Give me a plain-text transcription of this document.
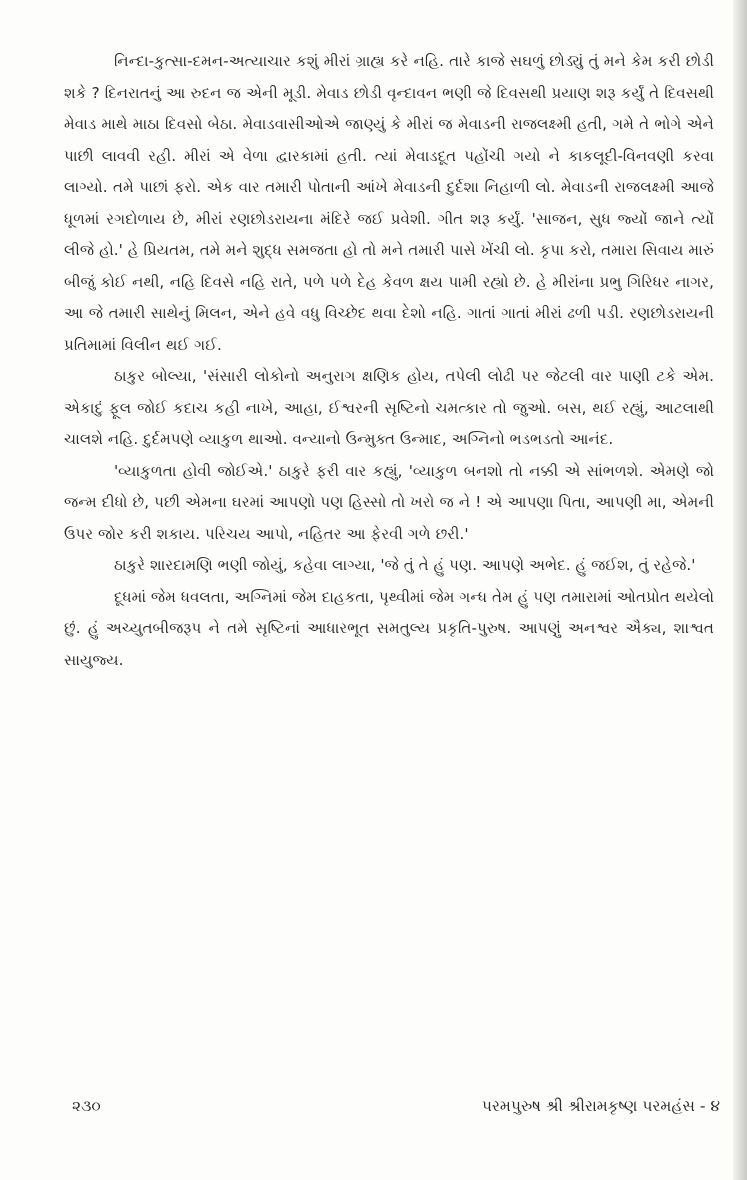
નિન્દા-કુત્સા-દમન-અત્યાચાર કશું મીરાં ગ્રાહ્ય કરે નહિ. તારે કાજે સઘળું છોડ્યું તું મને કેમ કરી છોડી શકે ? દિનરાતનું આ રુદન જ એની મૂડી. મેવાડ છોડી વૃન્દાવન ભણી જે દિવસથી પ્રયાણ શરૂ કર્યું તે દિવસથી મેવાડ માથે માઠા દિવસો બેઠા. મેવાડવાસીઓએ જાણ્યું કે મીરાં જ મેવાડની રાજલક્ષ્મી હતી, ગમે તે ભોગે એને પાછી લાવવી રહી. મીરાં એ વેળા દ્વારકામાં હતી. ત્યાં મેવાડદૂત પહોંચી ગયો ને કાકલૂદી-વિનવણી કરવા લાગ્યો. તમે પાછાં ફરો. એક વાર તમારી પોતાની આંખે મેવાડની દુર્દશા નિહાળી લો. મેવાડની રાજલક્ષ્મી આજે ધૂળમાં રગદોળાય છે, મીરાં રણછોડરાયના મંદિરે જઈ પ્રવેશી. ગીત શરૂ કર્યું. 'સાજન, સુધ જ્યોં જાને ત્યોં લીજે હો.' હે પ્રિયતમ, તમે મને શુદ્ધ સમજતા હો તો મને તમારી પાસે ખેંચી લો. કૃપા કરો, તમારા સિવાય મારું બીજું કોઈ નથી, નહિ દિવસે નહિ રાતે, પળે પળે દેહ કેવળ ક્ષય પામી રહ્યો છે. હે મીરાંના પ્રભુ ગિરિધર નાગર, આ જે તમારી સાથેનું મિલન, એને હવે વધુ વિચ્છેદ થવા દેશો નહિ. ગાતાં ગાતાં મીરાં ઢળી પડી. રણછોડરાયની પ્રતિમામાં વિલીન થઈ ગઈ.

ઠાકુર બોલ્યા, 'સંસારી લોકોનો અનુરાગ ક્ષણિક હોય, તપેલી લોઢી પર જેટલી વાર પાણી ટકે એમ. એકાદું ફૂલ જોઈ કદાચ કહી નાખે, આહા, ઈશ્વરની સૃષ્ટિનો ચમત્કાર તો જુઓ. બસ, થઈ રહ્યું, આટલાથી ચાલશે નહિ. દુર્દમપણે વ્યાકુળ થાઓ. વન્યાનો ઉન્મુક્ત ઉન્માદ, અગ્નિનો ભડભડતો આનંદ.

'વ્યાકુળતા હોવી જોઈએ.' ઠાકુરે ફરી વાર કહ્યું, 'વ્યાકુળ બનશો તો નક્કી એ સાંભળશે. એમણે જો જન્મ દીધો છે, પછી એમના ઘરમાં આપણો પણ હિસ્સો તો ખરો જ ને ! એ આપણા પિતા, આપણી મા, એમની ઉપર જોર કરી શકાય. પરિચય આપો, નહિતર આ ફેરવી ગળે છરી.'

ઠાકુરે શારદામણિ ભણી જોયું, કહેવા લાગ્યા, 'જે તું તે હું પણ. આપણે અભેદ. હું જઈશ, તું રહેજે.'

દૂધમાં જેમ ધવલતા, અગ્નિમાં જેમ દાહકતા, પૃથ્વીમાં જેમ ગન્ધ તેમ હું પણ તમારામાં ઓતપ્રોત થયેલો છું. હું અચ્યુતબીજરૂપ ને તમે સૃષ્ટિનાં આધારભૂત સમતુલ્ય પ્રકૃતિ-પુરુષ. આપણું અનશ્વર ઐક્ય, શાશ્વત સાયુજ્ય.

૨૩૦	પરમપુરુષ શ્રી શ્રીરામકૃષ્ણ પરમહંસ - ૪
